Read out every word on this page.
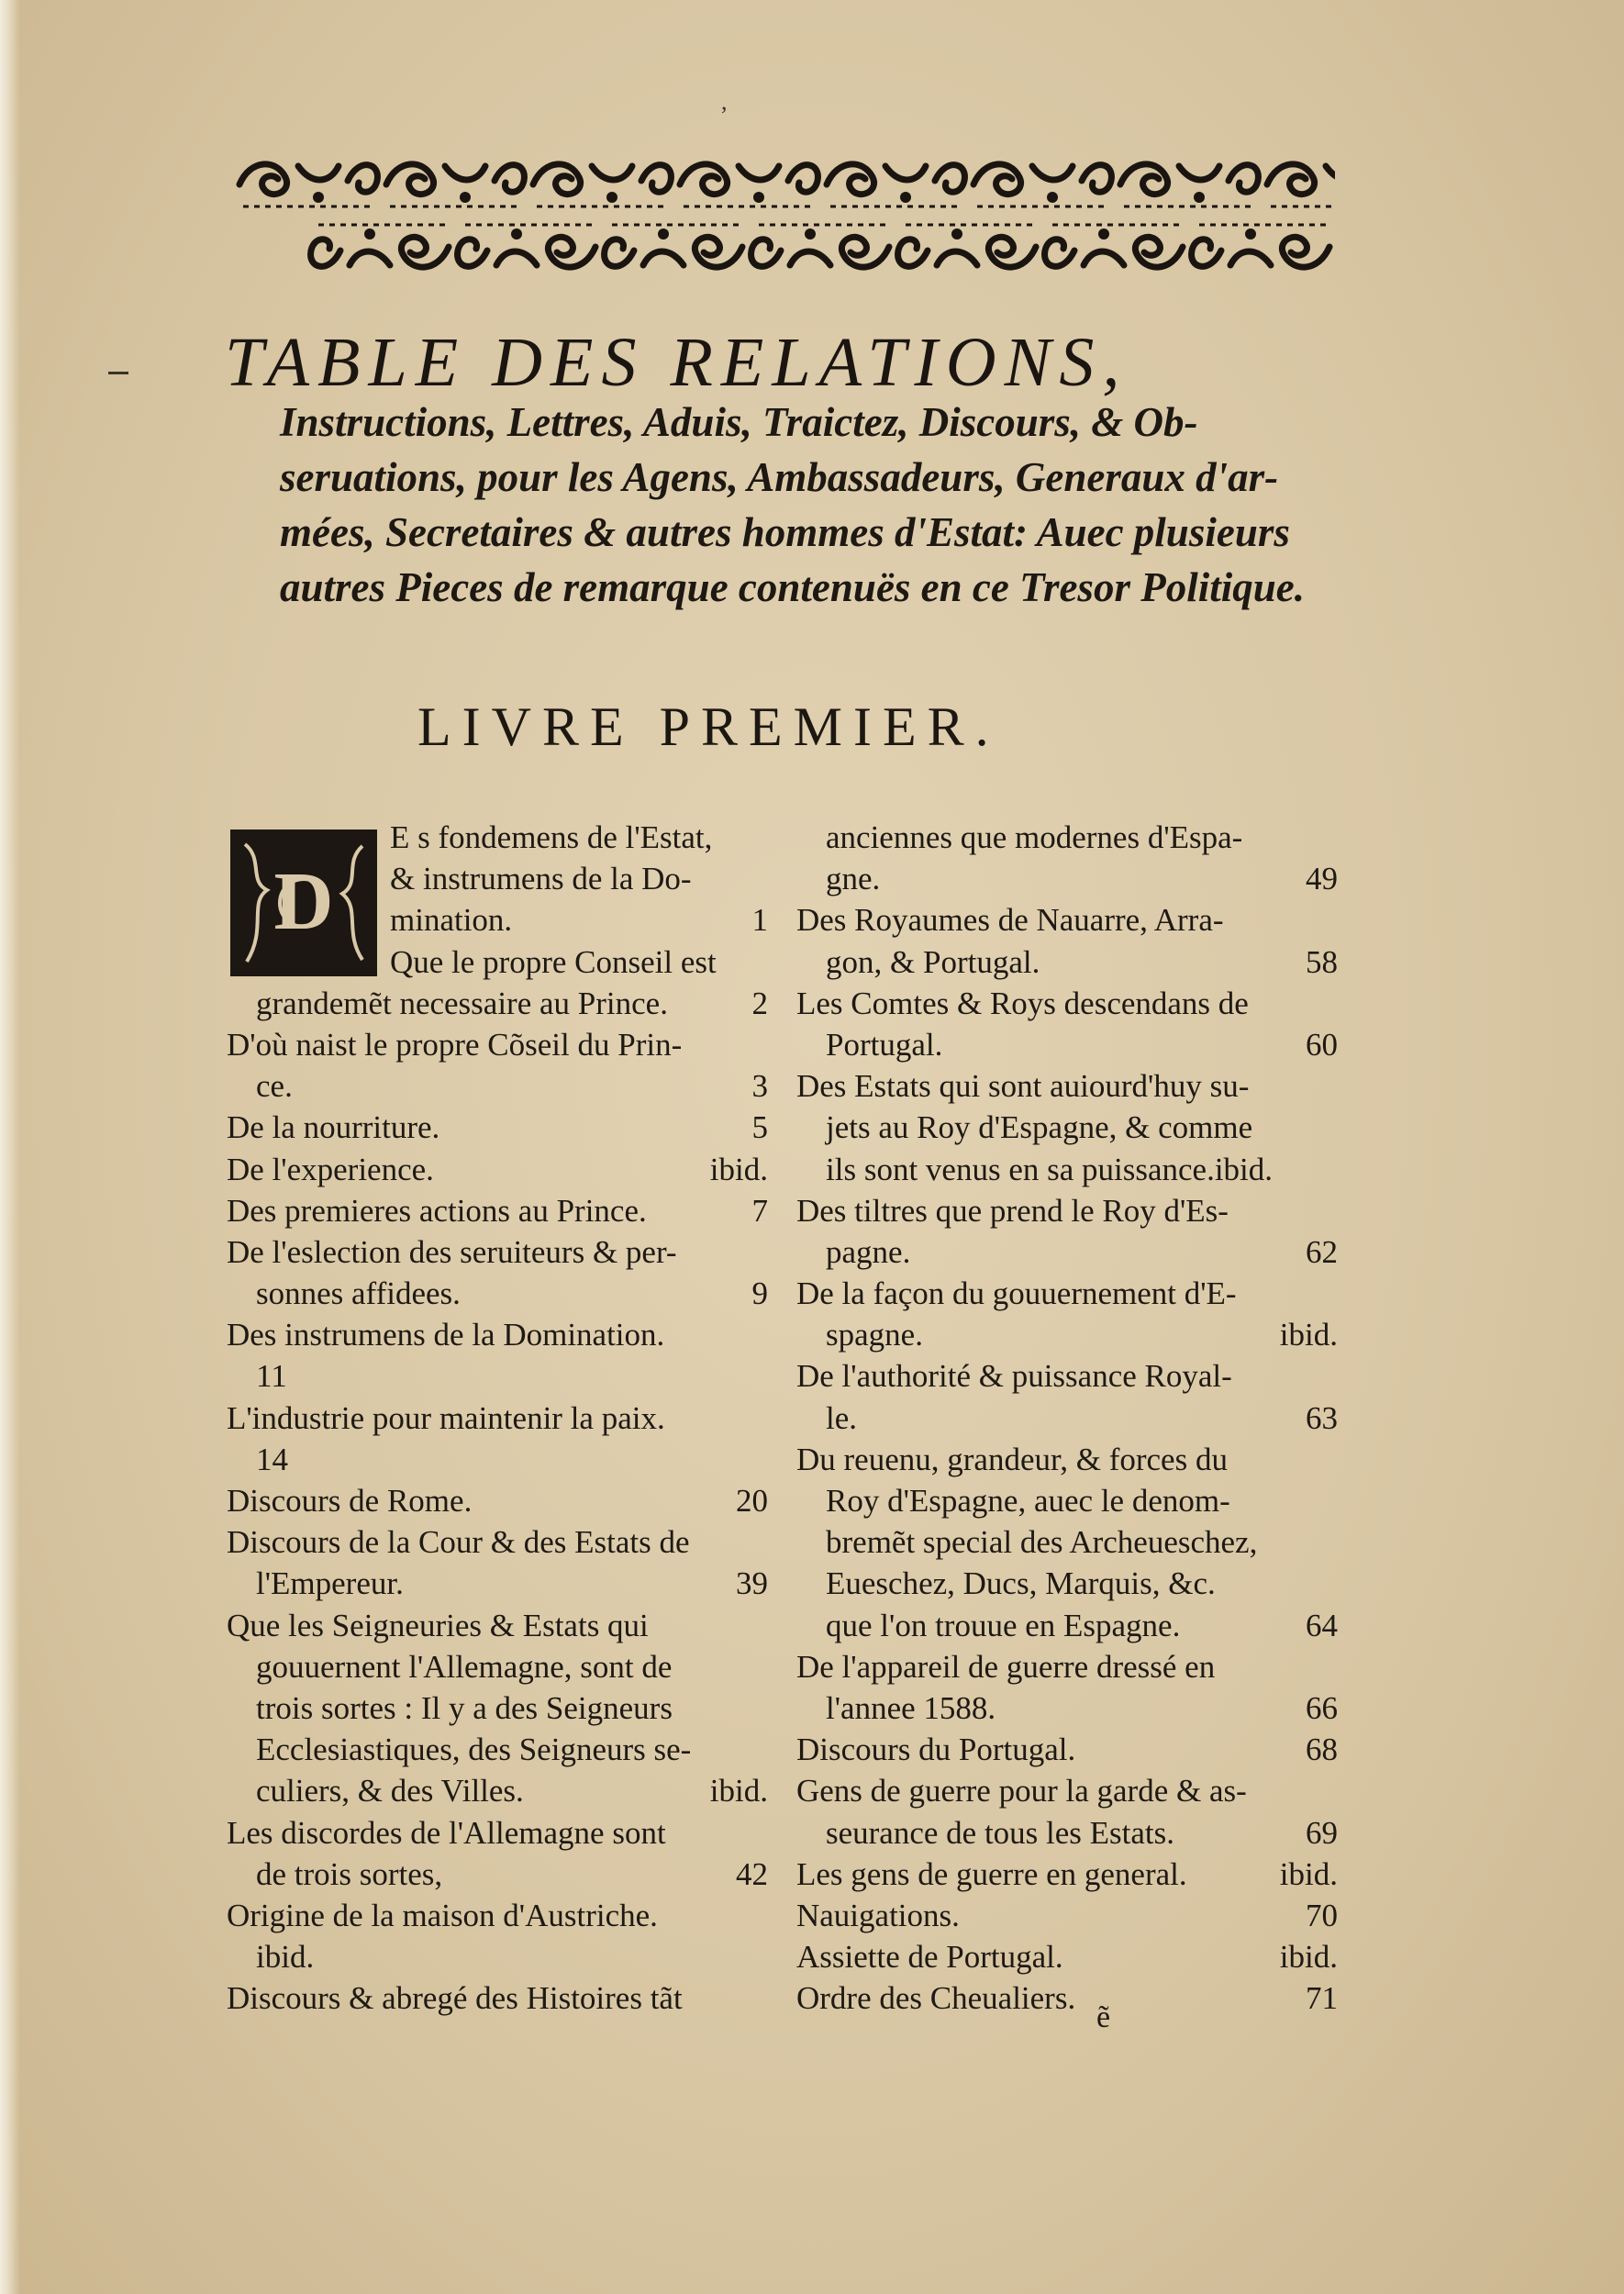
,
TABLE DES RELATIONS,
Instructions, Lettres, Aduis, Traictez, Discours, & Ob-
seruations, pour les Agens, Ambassadeurs, Generaux d'ar-
mées, Secretaires & autres hommes d'Estat: Auec plusieurs
autres Pieces de remarque contenuës en ce Tresor Politique.
LIVRE PREMIER.
D
E s fondemens de l'Estat,
& instrumens de la Do-
mination.	1
Que le propre Conseil est
grandemẽt necessaire au Prince.	2
D'où naist le propre Cõseil du Prin-
ce.	3
De la nourriture.	5
De l'experience.	ibid.
Des premieres actions au Prince.	7
De l'eslection des seruiteurs & per-
sonnes affidees.	9
Des instrumens de la Domination.
11
L'industrie pour maintenir la paix.
14
Discours de Rome.	20
Discours de la Cour & des Estats de
l'Empereur.	39
Que les Seigneuries & Estats qui
gouuernent l'Allemagne, sont de
trois sortes : Il y a des Seigneurs
Ecclesiastiques, des Seigneurs se-
culiers, & des Villes.	ibid.
Les discordes de l'Allemagne sont
de trois sortes,	42
Origine de la maison d'Austriche.
ibid.
Discours & abregé des Histoires tãt
anciennes que modernes d'Espa-
gne.	49
Des Royaumes de Nauarre, Arra-
gon, & Portugal.	58
Les Comtes & Roys descendans de
Portugal.	60
Des Estats qui sont auiourd'huy su-
jets au Roy d'Espagne, & comme
ils sont venus en sa puissance.ibid.
Des tiltres que prend le Roy d'Es-
pagne.	62
De la façon du gouuernement d'E-
spagne.	ibid.
De l'authorité & puissance Royal-
le.	63
Du reuenu, grandeur, & forces du
Roy d'Espagne, auec le denom-
bremẽt special des Archeueschez,
Eueschez, Ducs, Marquis, &c.
que l'on trouue en Espagne.	64
De l'appareil de guerre dressé en
l'annee 1588.	66
Discours du Portugal.	68
Gens de guerre pour la garde & as-
seurance de tous les Estats.	69
Les gens de guerre en general.	ibid.
Nauigations.	70
Assiette de Portugal.	ibid.
Ordre des Cheualiers.	71
ẽ
